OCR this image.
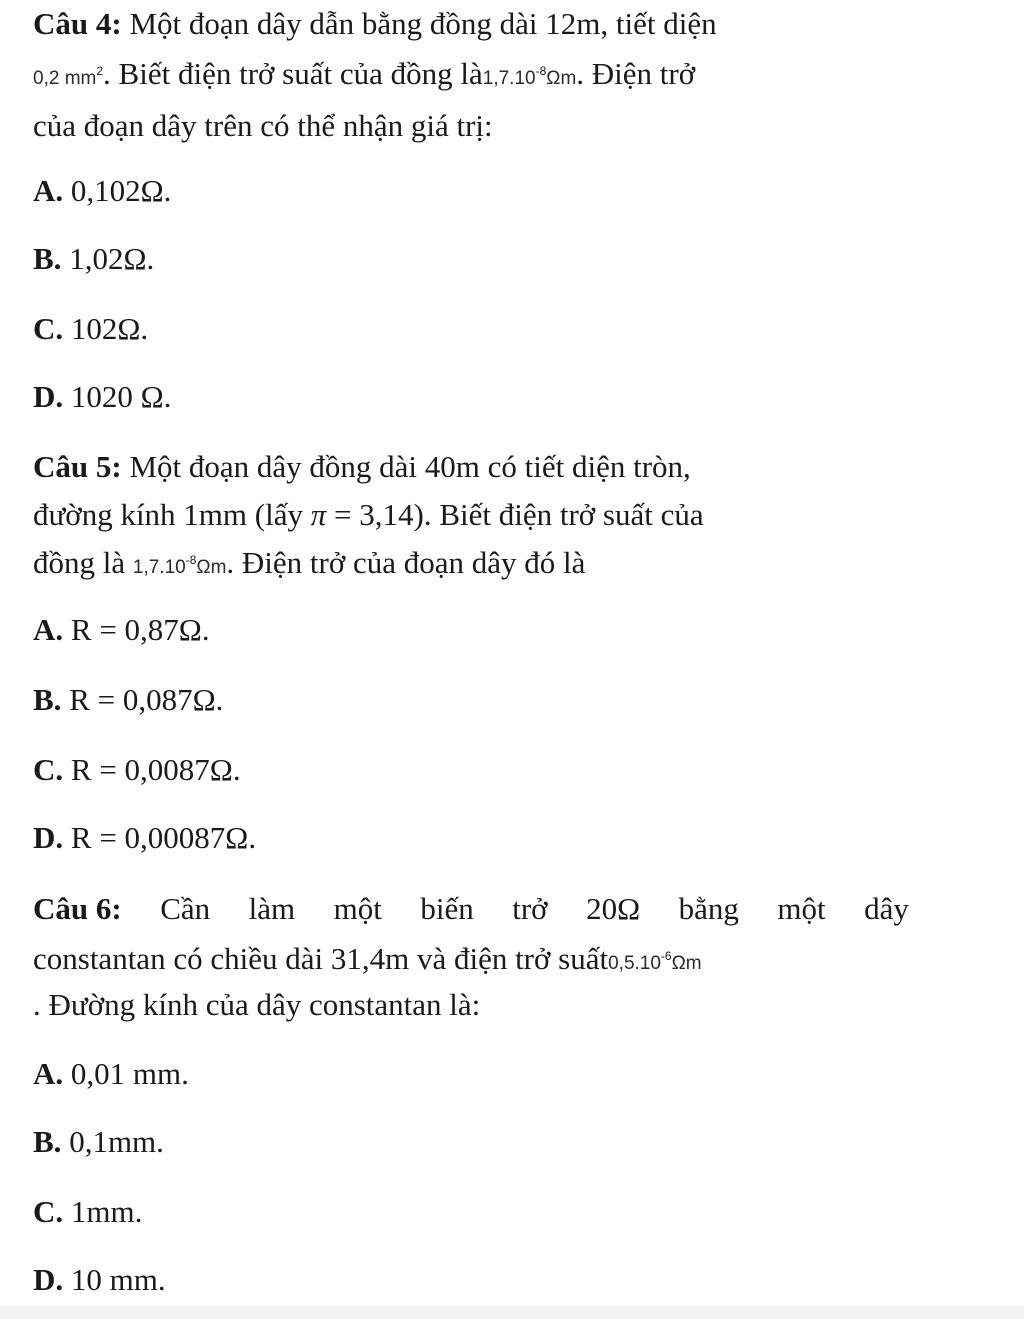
Câu 4: Một đoạn dây dẫn bằng đồng dài 12m, tiết diện
0,2 $mm^2$. Biết điện trở suất của đồng $là1,7.10^{-8}\Omega m$. Điện trở
của đoạn dây trên có thể nhận giá trị:
A. 0,102Ω.
B. 1,02Ω.
C. 102Ω.
D. 1020 Ω.
Câu 5: Một đoạn dây đồng dài 40m có tiết diện tròn,
đường kính 1mm (lấy π = 3,14). Biết điện trở suất của
đồng là $1,7.10^{-8}\Omega m$. Điện trở của đoạn dây đó là
A. R = 0,87Ω.
B. R = 0,087Ω.
C. R = 0,0087Ω.
D. R = 0,00087Ω.
Câu 6: Cần làm một biến trở 20Ω bằng một dây
constantan có chiều dài 31,4m và điện trở $suất0,5.10^{-6}\Omega m$
. Đường kính của dây constantan là:
A. 0,01 mm.
B. 0,1mm.
C. 1mm.
D. 10 mm.
